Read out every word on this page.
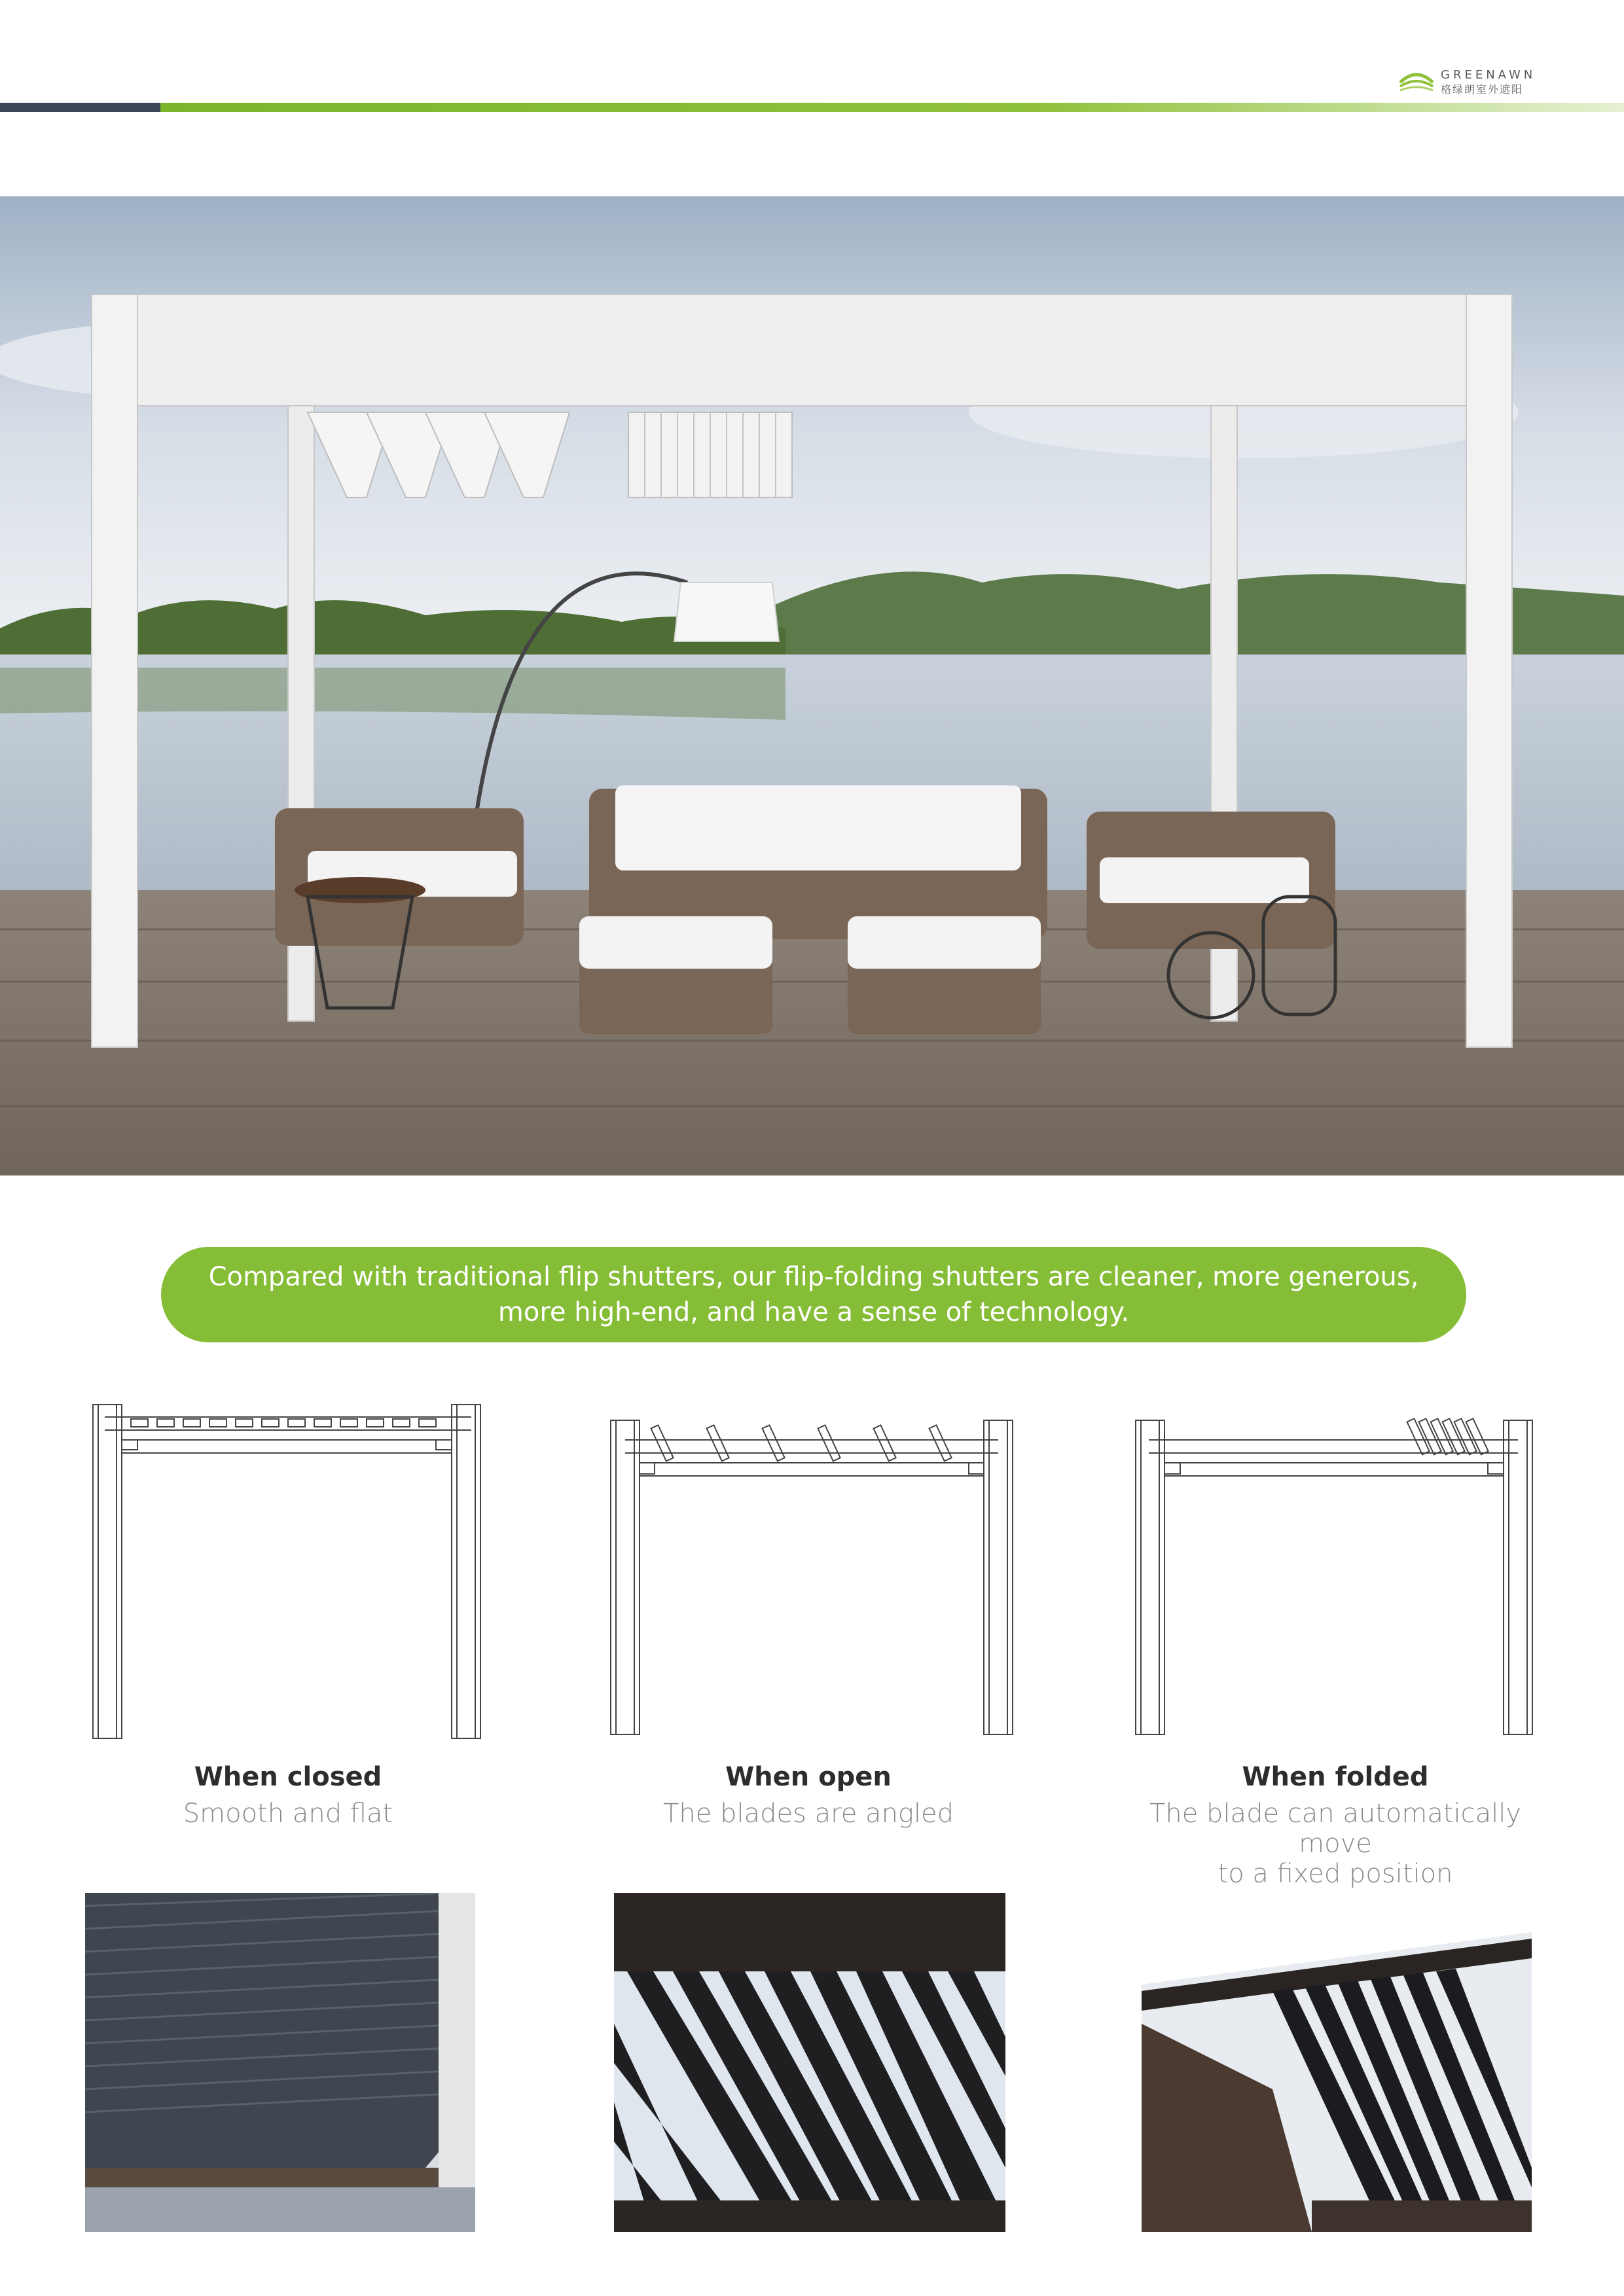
GREENAWN
格绿朗室外遮阳
Compared with traditional flip shutters, our flip-folding shutters are cleaner, more generous,
more high-end, and have a sense of technology.
When closed
Smooth and flat
When open
The blades are angled
When folded
The blade can automatically move
to a fixed position
